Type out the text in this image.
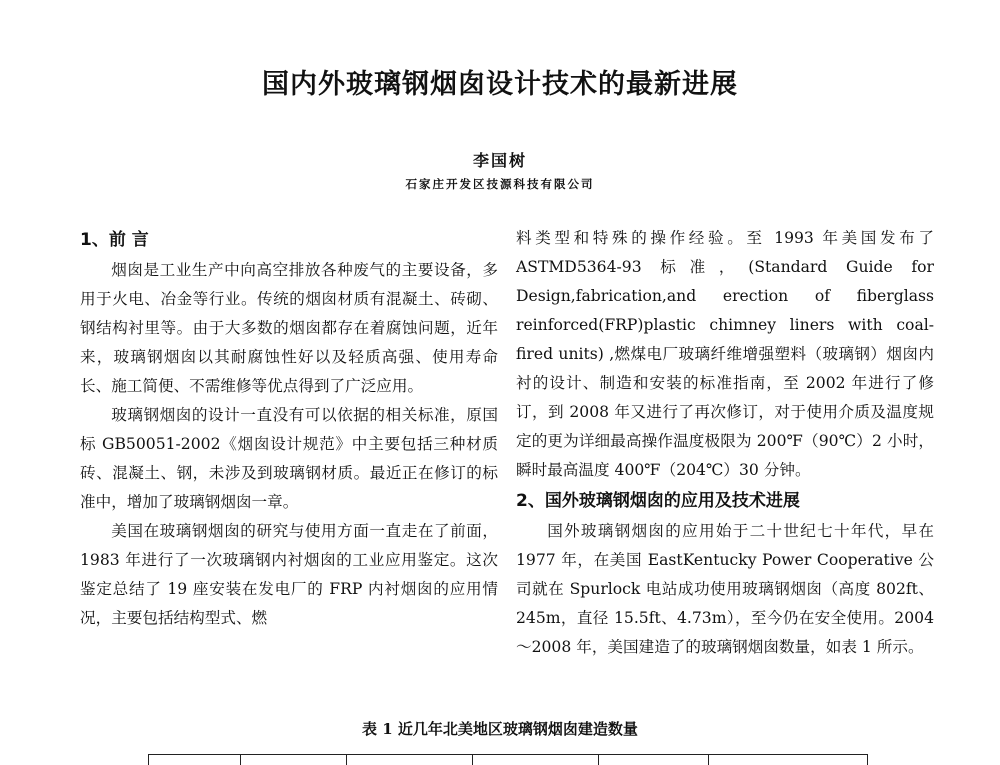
国内外玻璃钢烟囱设计技术的最新进展
李国树
石家庄开发区技源科技有限公司

1、前 言

烟囱是工业生产中向高空排放各种废气的主要设备，多用于火电、冶金等行业。传统的烟囱材质有混凝土、砖砌、钢结构衬里等。由于大多数的烟囱都存在着腐蚀问题，近年来，玻璃钢烟囱以其耐腐蚀性好以及轻质高强、使用寿命长、施工简便、不需维修等优点得到了广泛应用。

玻璃钢烟囱的设计一直没有可以依据的相关标准，原国标 GB50051-2002《烟囱设计规范》中主要包括三种材质砖、混凝土、钢，未涉及到玻璃钢材质。最近正在修订的标准中，增加了玻璃钢烟囱一章。

美国在玻璃钢烟囱的研究与使用方面一直走在了前面，1983 年进行了一次玻璃钢内衬烟囱的工业应用鉴定。这次鉴定总结了 19 座安装在发电厂的 FRP 内衬烟囱的应用情况，主要包括结构型式、燃

料类型和特殊的操作经验。至 1993 年美国发布了 ASTMD5364-93 标准，(Standard Guide for Design,fabrication,and erection of fiberglass reinforced(FRP)plastic chimney liners with coal-fired units) ,燃煤电厂玻璃纤维增强塑料（玻璃钢）烟囱内衬的设计、制造和安装的标准指南，至 2002 年进行了修订，到 2008 年又进行了再次修订，对于使用介质及温度规定的更为详细最高操作温度极限为 200℉（90℃）2 小时，瞬时最高温度 400℉（204℃）30 分钟。

2、国外玻璃钢烟囱的应用及技术进展

国外玻璃钢烟囱的应用始于二十世纪七十年代，早在 1977 年，在美国 EastKentucky Power Cooperative 公司就在 Spurlock 电站成功使用玻璃钢烟囱（高度 802ft、245m，直径 15.5ft、4.73m），至今仍在安全使用。2004～2008 年，美国建造了的玻璃钢烟囱数量，如表 1 所示。

表 1 近几年北美地区玻璃钢烟囱建造数量
